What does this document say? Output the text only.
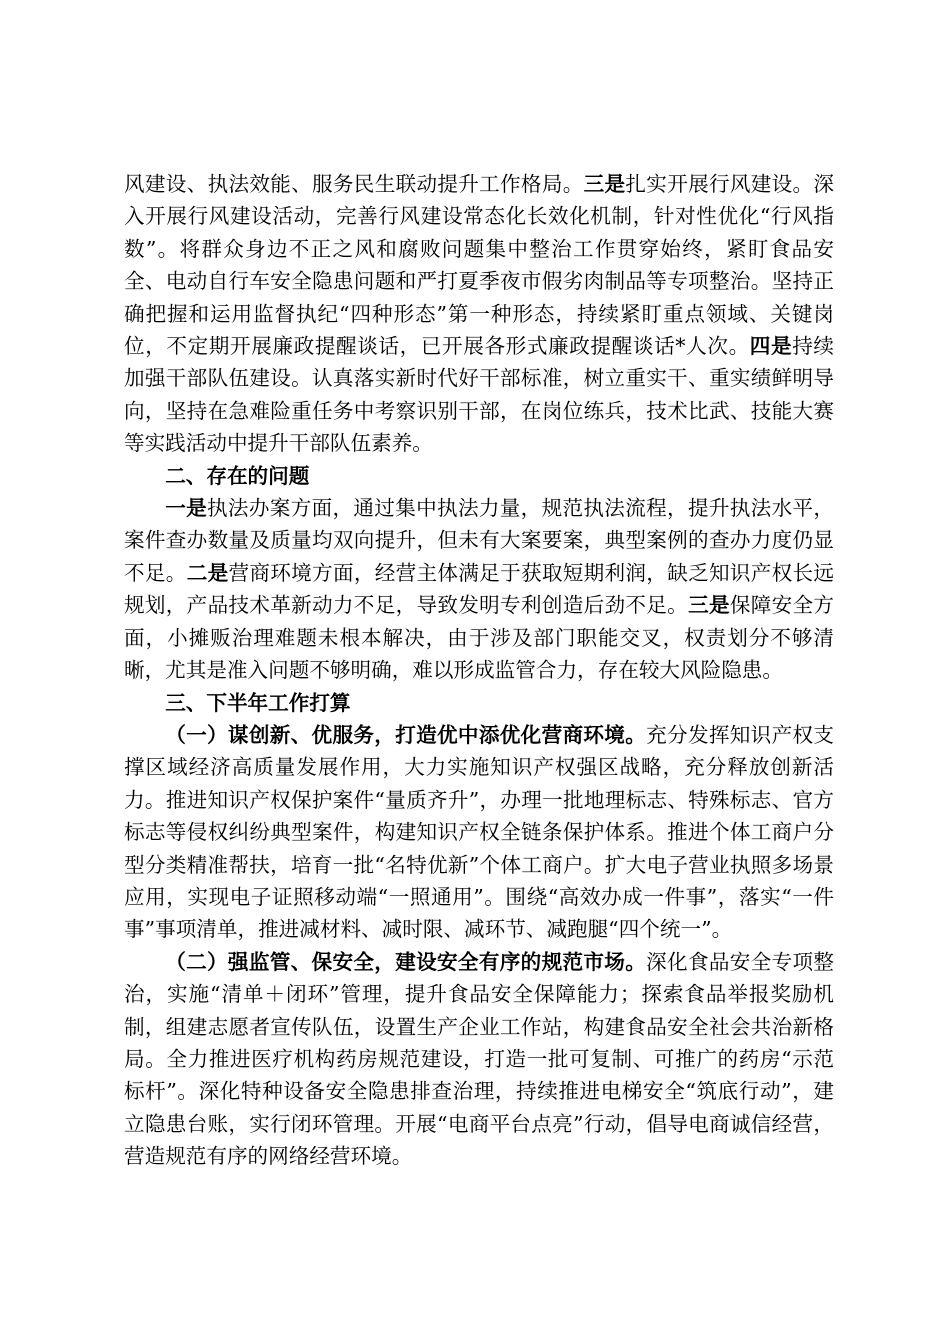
风建设、执法效能、服务民生联动提升工作格局。三是扎实开展行风建设。深入开展行风建设活动，完善行风建设常态化长效化机制，针对性优化“行风指数”。将群众身边不正之风和腐败问题集中整治工作贯穿始终，紧盯食品安全、电动自行车安全隐患问题和严打夏季夜市假劣肉制品等专项整治。坚持正确把握和运用监督执纪“四种形态”第一种形态，持续紧盯重点领域、关键岗位，不定期开展廉政提醒谈话，已开展各形式廉政提醒谈话*人次。四是持续加强干部队伍建设。认真落实新时代好干部标准，树立重实干、重实绩鲜明导向，坚持在急难险重任务中考察识别干部，在岗位练兵，技术比武、技能大赛等实践活动中提升干部队伍素养。

二、存在的问题

一是执法办案方面，通过集中执法力量，规范执法流程，提升执法水平，案件查办数量及质量均双向提升，但未有大案要案，典型案例的查办力度仍显不足。二是营商环境方面，经营主体满足于获取短期利润，缺乏知识产权长远规划，产品技术革新动力不足，导致发明专利创造后劲不足。三是保障安全方面，小摊贩治理难题未根本解决，由于涉及部门职能交叉，权责划分不够清晰，尤其是准入问题不够明确，难以形成监管合力，存在较大风险隐患。

三、下半年工作打算

（一）谋创新、优服务，打造优中添优化营商环境。充分发挥知识产权支撑区域经济高质量发展作用，大力实施知识产权强区战略，充分释放创新活力。推进知识产权保护案件“量质齐升”，办理一批地理标志、特殊标志、官方标志等侵权纠纷典型案件，构建知识产权全链条保护体系。推进个体工商户分型分类精准帮扶，培育一批“名特优新”个体工商户。扩大电子营业执照多场景应用，实现电子证照移动端“一照通用”。围绕“高效办成一件事”，落实“一件事”事项清单，推进减材料、减时限、减环节、减跑腿“四个统一”。

（二）强监管、保安全，建设安全有序的规范市场。深化食品安全专项整治，实施“清单＋闭环”管理，提升食品安全保障能力；探索食品举报奖励机制，组建志愿者宣传队伍，设置生产企业工作站，构建食品安全社会共治新格局。全力推进医疗机构药房规范建设，打造一批可复制、可推广的药房“示范标杆”。深化特种设备安全隐患排查治理，持续推进电梯安全“筑底行动”，建立隐患台账，实行闭环管理。开展“电商平台点亮”行动，倡导电商诚信经营，营造规范有序的网络经营环境。
